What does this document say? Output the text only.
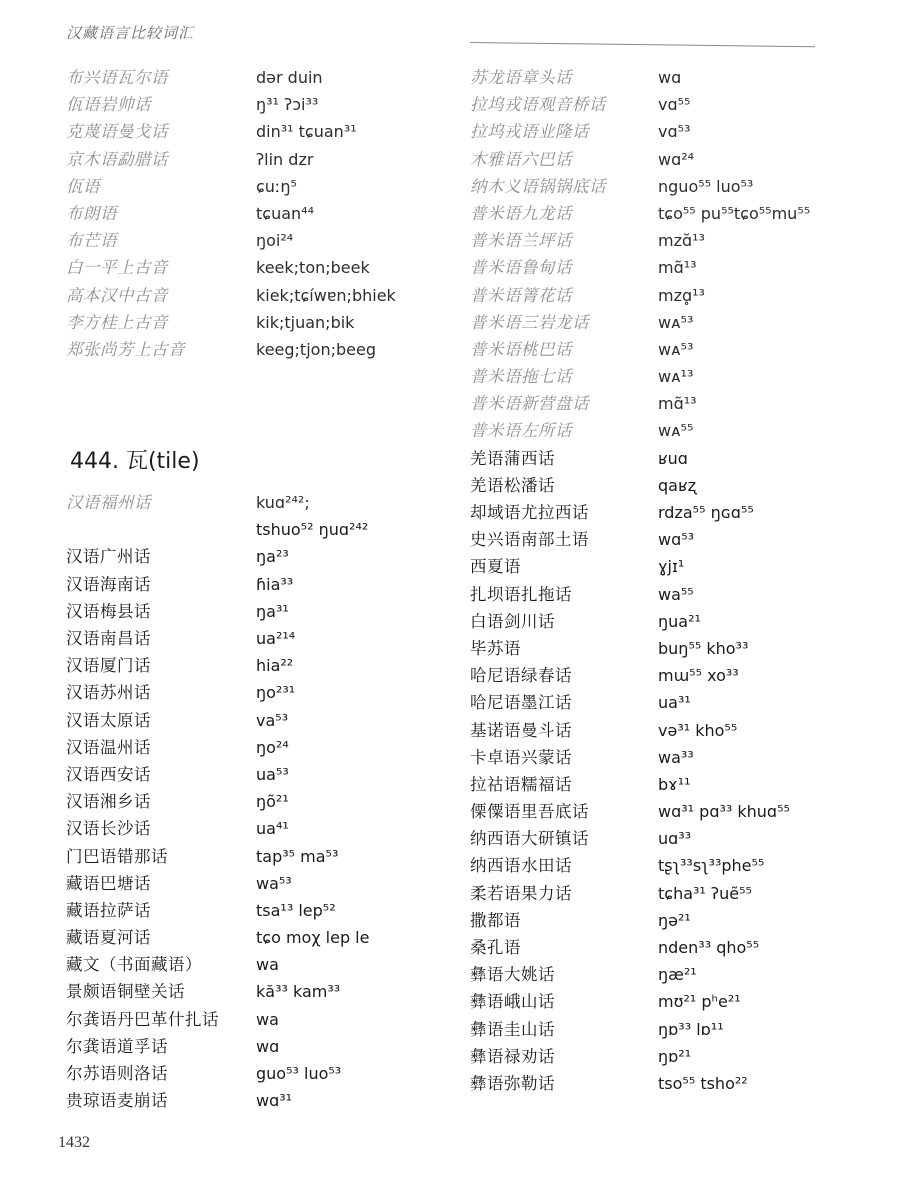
汉藏语言比较词汇
布兴语瓦尔语	dər duin
佤语岩帅话	ŋ³¹ ʔɔi³³
克蔑语曼戈话	din³¹ tɕuan³¹
京木语勐腊话	ʔlin dzr
佤语	ɕuːŋ⁵
布朗语	tɕuan⁴⁴
布芒语	ŋoi²⁴
白一平上古音	keek;ton;beek
高本汉中古音	kiek;tɕíwɐn;bhiek
李方桂上古音	kik;tjuan;bik
郑张尚芳上古音	keeg;tjon;beeg
444. 瓦(tile)
汉语福州话	kuɑ²⁴²;
tshuo⁵² ŋuɑ²⁴²
汉语广州话	ŋa²³
汉语海南话	ɦia³³
汉语梅县话	ŋa³¹
汉语南昌话	ua²¹⁴
汉语厦门话	hia²²
汉语苏州话	ŋo²³¹
汉语太原话	va⁵³
汉语温州话	ŋo²⁴
汉语西安话	ua⁵³
汉语湘乡话	ŋõ²¹
汉语长沙话	ua⁴¹
门巴语错那话	tap³⁵ ma⁵³
藏语巴塘话	wa⁵³
藏语拉萨话	tsa¹³ lep⁵²
藏语夏河话	tɕo moχ lep le
藏文（书面藏语）	wa
景颇语铜壁关话	kă³³ kam³³
尔龚语丹巴革什扎话 wa
尔龚语道孚话	wɑ
尔苏语则洛话	guo⁵³ luo⁵³
贵琼语麦崩话	wɑ³¹
苏龙语章头话	wɑ
拉坞戎语观音桥话	vɑ⁵⁵
拉坞戎语业隆话	vɑ⁵³
木雅语六巴话	wɑ²⁴
纳木义语锅锅底话	nguo⁵⁵ luo⁵³
普米语九龙话	tɕo⁵⁵ pu⁵⁵tɕo⁵⁵mu⁵⁵
普米语兰坪话	mzɑ̆¹³
普米语鲁甸话	mɑ̃¹³
普米语箐花话	mzɑ̥¹³
普米语三岩龙话	wᴀ⁵³
普米语桃巴话	wᴀ⁵³
普米语拖七话	wᴀ¹³
普米语新营盘话	mɑ̃¹³
普米语左所话	wᴀ⁵⁵
羌语蒲西话	ʁuɑ
羌语松潘话	qaʁʐ
却域语尤拉西话	rdza⁵⁵ ŋɢɑ⁵⁵
史兴语南部土语	wɑ⁵³
西夏语	ɣjɪ¹
扎坝语扎拖话	wa⁵⁵
白语剑川话	ŋua²¹
毕苏语	buŋ⁵⁵ kho³³
哈尼语绿春话	mɯ⁵⁵ xo³³
哈尼语墨江话	ua³¹
基诺语曼斗话	və³¹ kho⁵⁵
卡卓语兴蒙话	wa³³
拉祜语糯福话	bɤ¹¹
傈僳语里吾底话	wɑ³¹ pɑ³³ khuɑ⁵⁵
纳西语大研镇话	uɑ³³
纳西语水田话	tʂʅ³³sʅ³³phe⁵⁵
柔若语果力话	tɕha³¹ ʔuẽ⁵⁵
撒都语	ŋə²¹
桑孔语	nden³³ qho⁵⁵
彝语大姚话	ŋæ²¹
彝语峨山话	mʊ²¹ pʰe²¹
彝语圭山话	ŋɒ³³ lɒ¹¹
彝语禄劝话	ŋɒ²¹
彝语弥勒话	tso⁵⁵ tsho²²
1432
